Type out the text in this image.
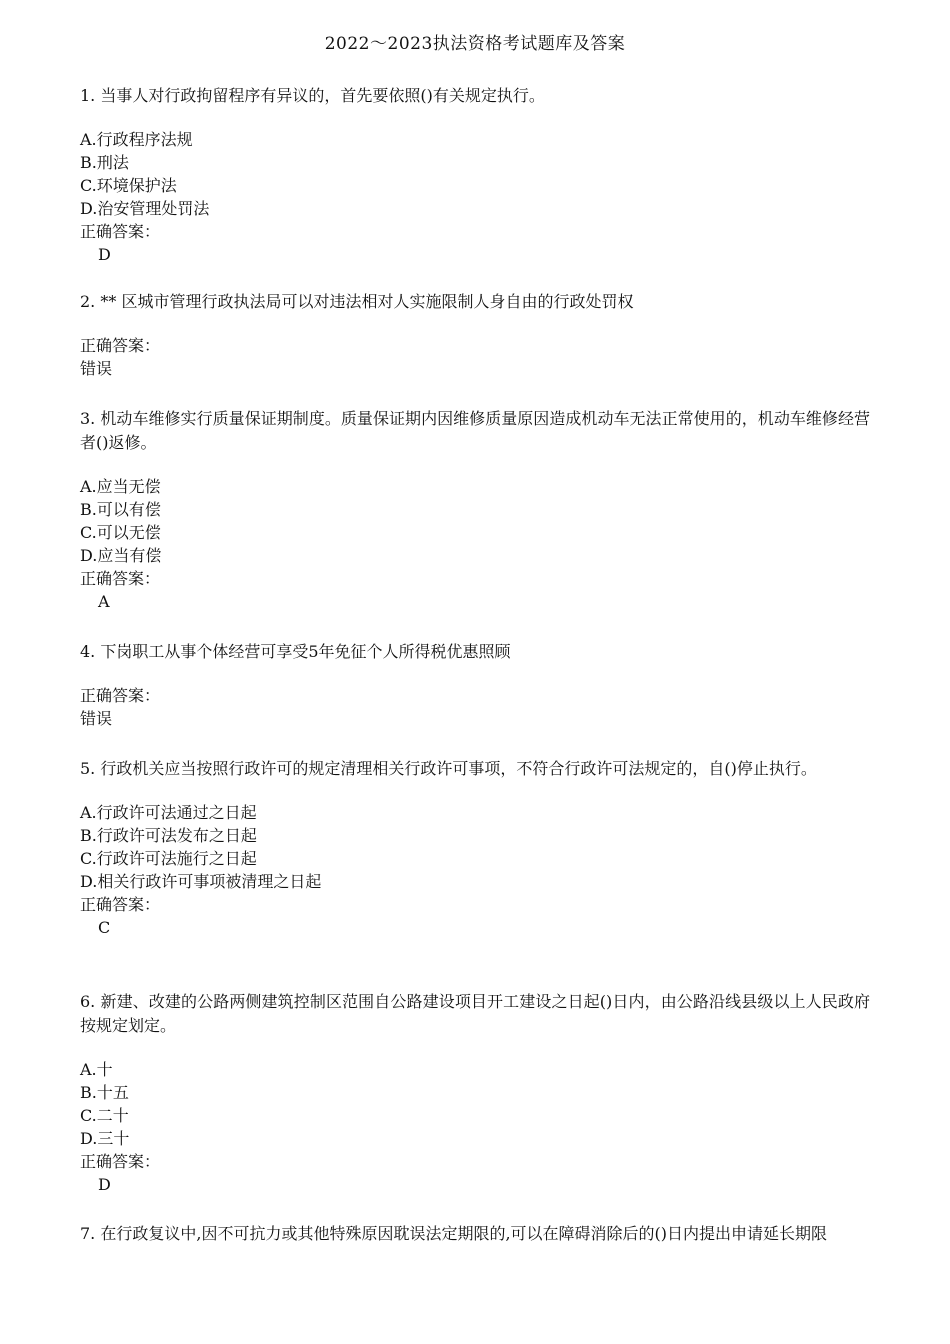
2022～2023执法资格考试题库及答案

1. 当事人对行政拘留程序有异议的，首先要依照()有关规定执行。

A.行政程序法规
B.刑法
C.环境保护法
D.治安管理处罚法
正确答案：
D

2. ** 区城市管理行政执法局可以对违法相对人实施限制人身自由的行政处罚权

正确答案：
错误

3. 机动车维修实行质量保证期制度。质量保证期内因维修质量原因造成机动车无法正常使用的，机动车维修经营者()返修。

A.应当无偿
B.可以有偿
C.可以无偿
D.应当有偿
正确答案：
A

4. 下岗职工从事个体经营可享受5年免征个人所得税优惠照顾

正确答案：
错误

5. 行政机关应当按照行政许可的规定清理相关行政许可事项，不符合行政许可法规定的，自()停止执行。

A.行政许可法通过之日起
B.行政许可法发布之日起
C.行政许可法施行之日起
D.相关行政许可事项被清理之日起
正确答案：
C

6. 新建、改建的公路两侧建筑控制区范围自公路建设项目开工建设之日起()日内，由公路沿线县级以上人民政府按规定划定。

A.十
B.十五
C.二十
D.三十
正确答案：
D

7. 在行政复议中,因不可抗力或其他特殊原因耽误法定期限的,可以在障碍消除后的()日内提出申请延长期限
